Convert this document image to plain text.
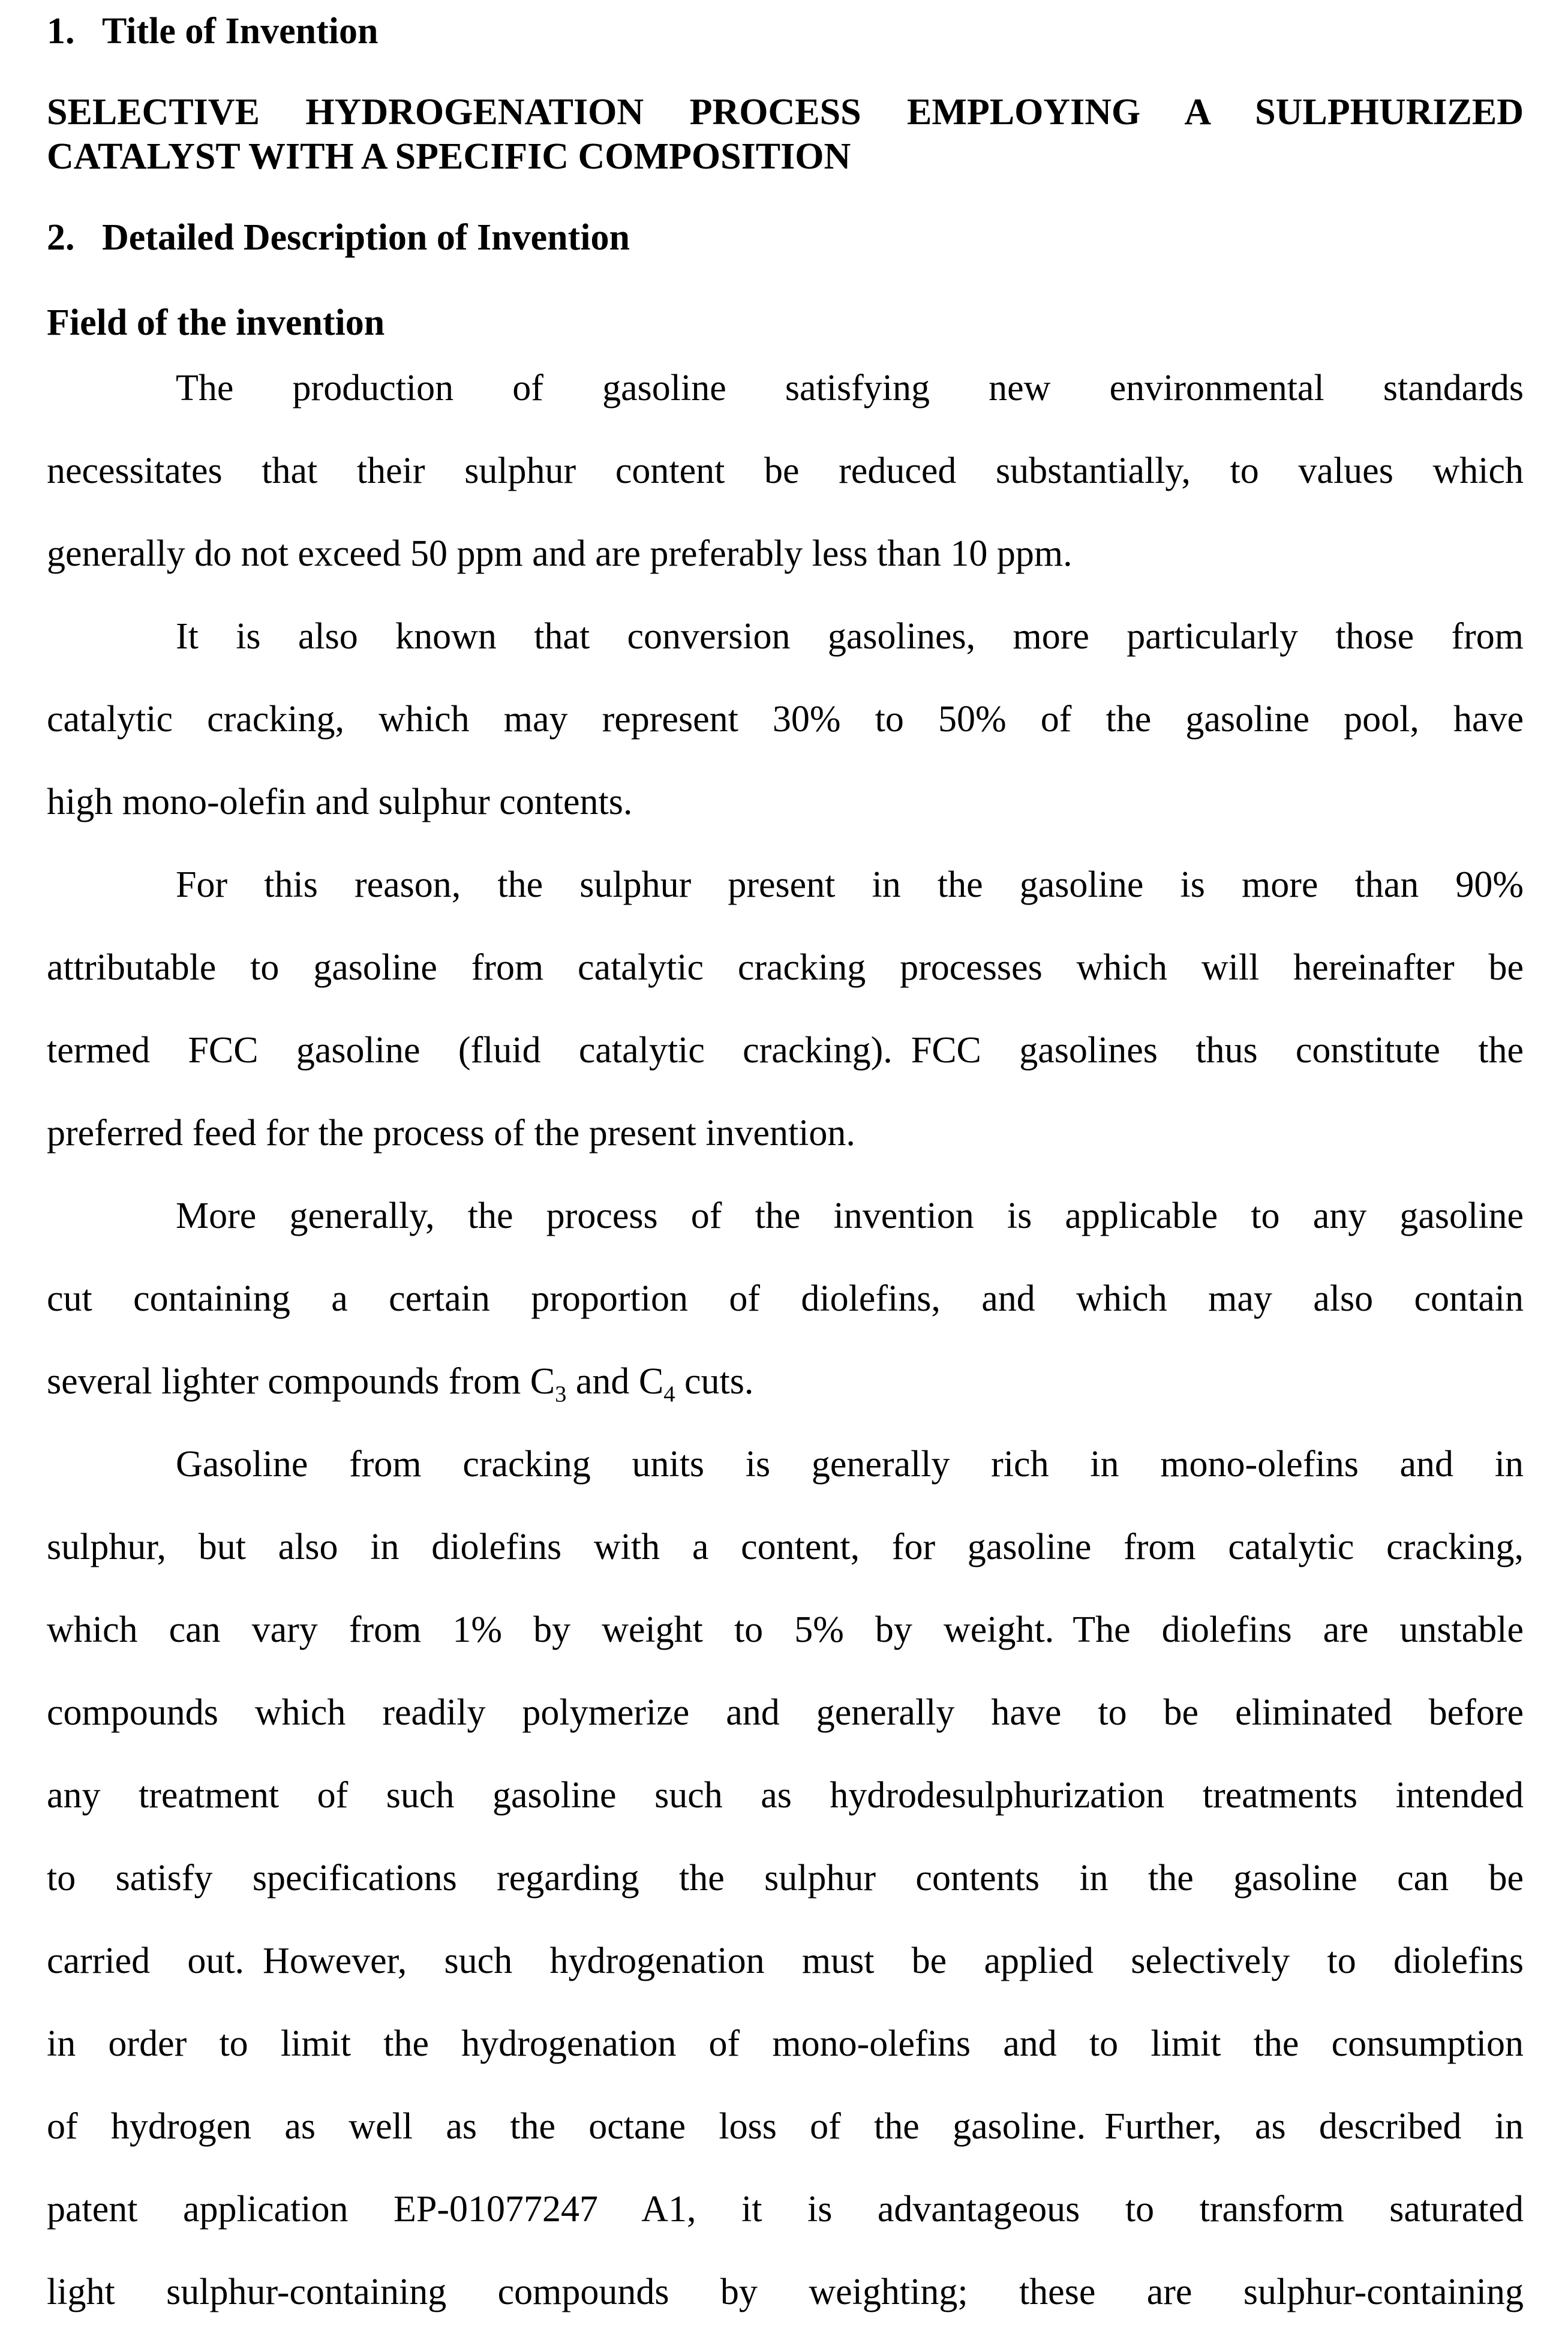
1. Title of Invention
SELECTIVE HYDROGENATION PROCESS EMPLOYING A SULPHURIZED
CATALYST WITH A SPECIFIC COMPOSITION
2. Detailed Description of Invention
Field of the invention
The production of gasoline satisfying new environmental standards
necessitates that their sulphur content be reduced substantially, to values which
generally do not exceed 50 ppm and are preferably less than 10 ppm.
It is also known that conversion gasolines, more particularly those from
catalytic cracking, which may represent 30% to 50% of the gasoline pool, have
high mono-olefin and sulphur contents.
For this reason, the sulphur present in the gasoline is more than 90%
attributable to gasoline from catalytic cracking processes which will hereinafter be
termed FCC gasoline (fluid catalytic cracking). FCC gasolines thus constitute the
preferred feed for the process of the present invention.
More generally, the process of the invention is applicable to any gasoline
cut containing a certain proportion of diolefins, and which may also contain
several lighter compounds from $C_3$ and $C_4$ cuts.
Gasoline from cracking units is generally rich in mono-olefins and in
sulphur, but also in diolefins with a content, for gasoline from catalytic cracking,
which can vary from 1% by weight to 5% by weight. The diolefins are unstable
compounds which readily polymerize and generally have to be eliminated before
any treatment of such gasoline such as hydrodesulphurization treatments intended
to satisfy specifications regarding the sulphur contents in the gasoline can be
carried out. However, such hydrogenation must be applied selectively to diolefins
in order to limit the hydrogenation of mono-olefins and to limit the consumption
of hydrogen as well as the octane loss of the gasoline. Further, as described in
patent application EP-01077247 A1, it is advantageous to transform saturated
light sulphur-containing compounds by weighting; these are sulphur-containing
